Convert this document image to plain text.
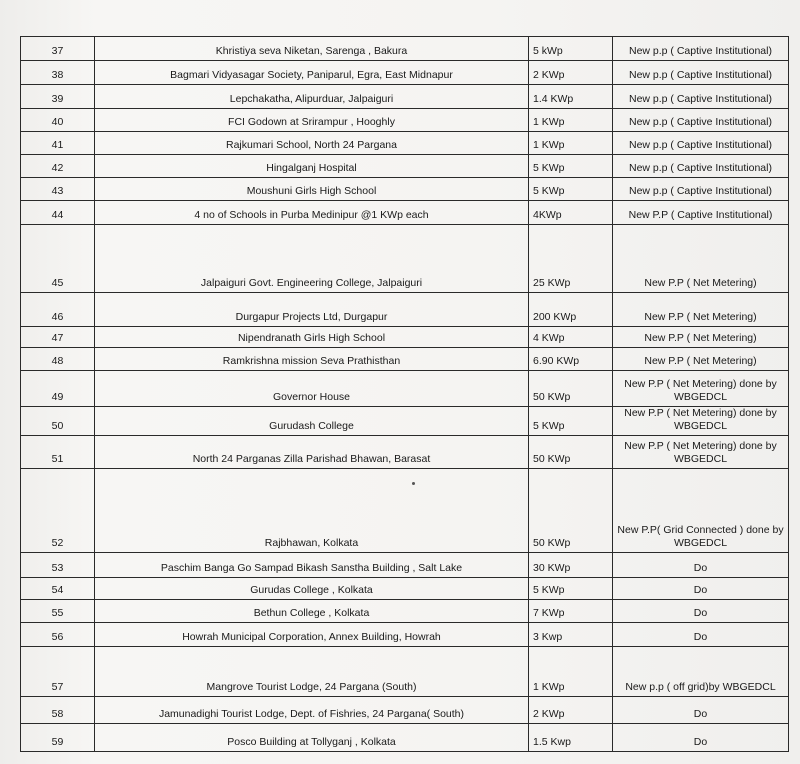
37	Khristiya seva Niketan, Sarenga , Bakura	5 kWp	New p.p ( Captive Institutional)
38	Bagmari Vidyasagar Society, Paniparul, Egra, East Midnapur	2 KWp	New p.p ( Captive Institutional)
39	Lepchakatha, Alipurduar, Jalpaiguri	1.4 KWp	New p.p ( Captive Institutional)
40	FCI Godown at Srirampur , Hooghly	1 KWp	New p.p ( Captive Institutional)
41	Rajkumari School, North 24 Pargana	1 KWp	New p.p ( Captive Institutional)
42	Hingalganj Hospital	5 KWp	New p.p ( Captive Institutional)
43	Moushuni Girls High School	5 KWp	New p.p ( Captive Institutional)
44	4 no of Schools in Purba Medinipur @1 KWp each	4KWp	New P.P ( Captive Institutional)
45	Jalpaiguri Govt. Engineering College, Jalpaiguri	25 KWp	New P.P ( Net Metering)
46	Durgapur Projects Ltd, Durgapur	200 KWp	New P.P ( Net Metering)
47	Nipendranath Girls High School	4 KWp	New P.P ( Net Metering)
48	Ramkrishna mission Seva Prathisthan	6.90 KWp	New P.P ( Net Metering)
49	Governor House	50 KWp	New P.P ( Net Metering) done by WBGEDCL
50	Gurudash College	5 KWp	New P.P ( Net Metering) done by WBGEDCL
51	North 24 Parganas Zilla Parishad Bhawan, Barasat	50 KWp	New P.P ( Net Metering) done by WBGEDCL
52	Rajbhawan, Kolkata	50 KWp	New P.P( Grid Connected ) done by WBGEDCL
53	Paschim Banga Go Sampad Bikash Sanstha Building , Salt Lake	30 KWp	Do
54	Gurudas College , Kolkata	5 KWp	Do
55	Bethun College , Kolkata	7 KWp	Do
56	Howrah Municipal Corporation, Annex Building, Howrah	3 Kwp	Do
57	Mangrove Tourist Lodge, 24 Pargana (South)	1 KWp	New p.p ( off grid)by WBGEDCL
58	Jamunadighi Tourist Lodge, Dept. of Fishries, 24 Pargana( South)	2 KWp	Do
59	Posco Building at Tollyganj , Kolkata	1.5 Kwp	Do
